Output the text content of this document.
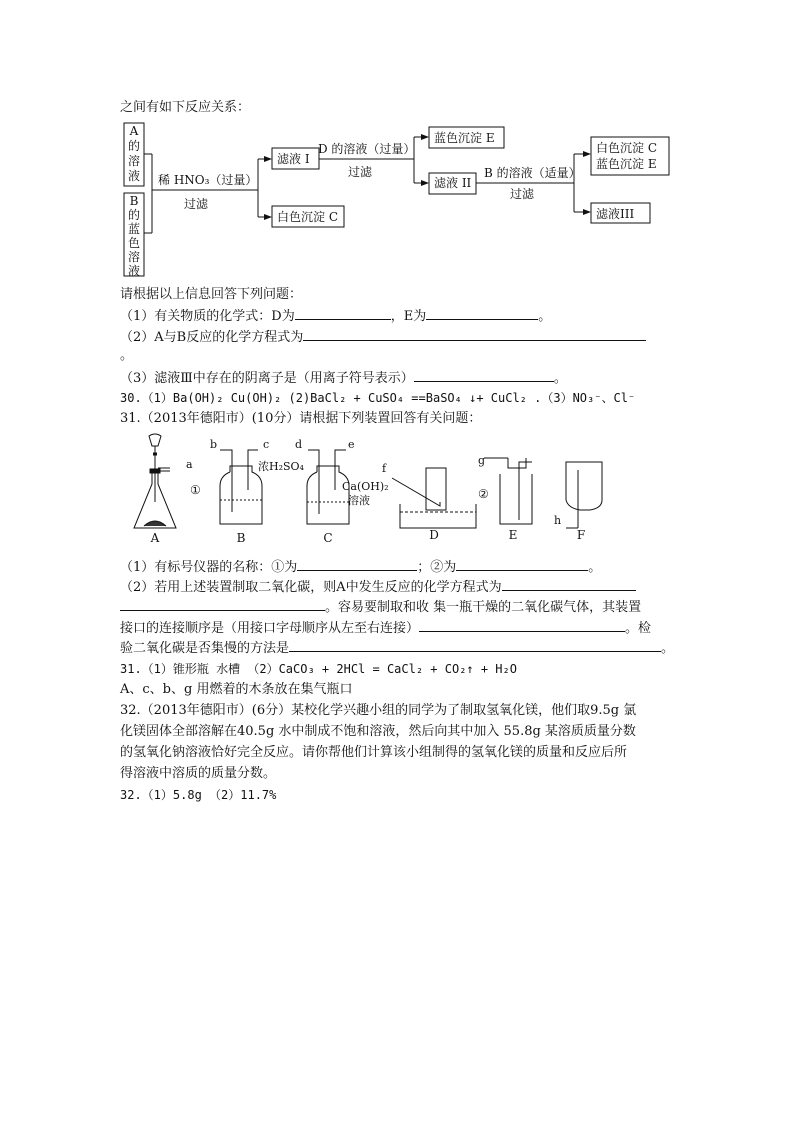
之间有如下反应关系：
A
的
溶
液
B
的
蓝
色
溶
液
稀 HNO₃（过量）
过滤
滤液 I
白色沉淀 C
D 的溶液（过量）
过滤
蓝色沉淀 E
滤液 II
B 的溶液（适量）
过滤
白色沉淀 C
蓝色沉淀 E
滤液III
请根据以上信息回答下列问题：
（1）有关物质的化学式：D为	，E为	。
（2）A与B反应的化学方程式为
。
（3）滤液Ⅲ中存在的阴离子是（用离子符号表示）	。
30.（1）Ba(OH)₂ Cu(OH)₂ (2)BaCl₂ + CuSO₄ ==BaSO₄ ↓+ CuCl₂ .（3）NO₃⁻、Cl⁻
31.（2013年德阳市）(10分）请根据下列装置回答有关问题：
a
b	c d	e
f
g
h
①	②
浓H₂SO₄
Ca(OH)₂
溶液
A	B	C	D	E	F
（1）有标号仪器的名称：①为	；②为	。
（2）若用上述装置制取二氧化碳，则A中发生反应的化学方程式为
。容易要制取和收 集一瓶干燥的二氧化碳气体，其装置
接口的连接顺序是（用接口字母顺序从左至右连接）	。检
验二氧化碳是否集慢的方法是	。
31.（1）锥形瓶 水槽 （2）CaCO₃ + 2HCl = CaCl₂ + CO₂↑ + H₂O
A、c、b、g 用燃着的木条放在集气瓶口
32.（2013年德阳市）(6分）某校化学兴趣小组的同学为了制取氢氧化镁，他们取9.5g 氯
化镁固体全部溶解在40.5g 水中制成不饱和溶液，然后向其中加入 55.8g 某溶质质量分数
的氢氧化钠溶液恰好完全反应。请你帮他们计算该小组制得的氢氧化镁的质量和反应后所
得溶液中溶质的质量分数。
32.（1）5.8g （2）11.7%
